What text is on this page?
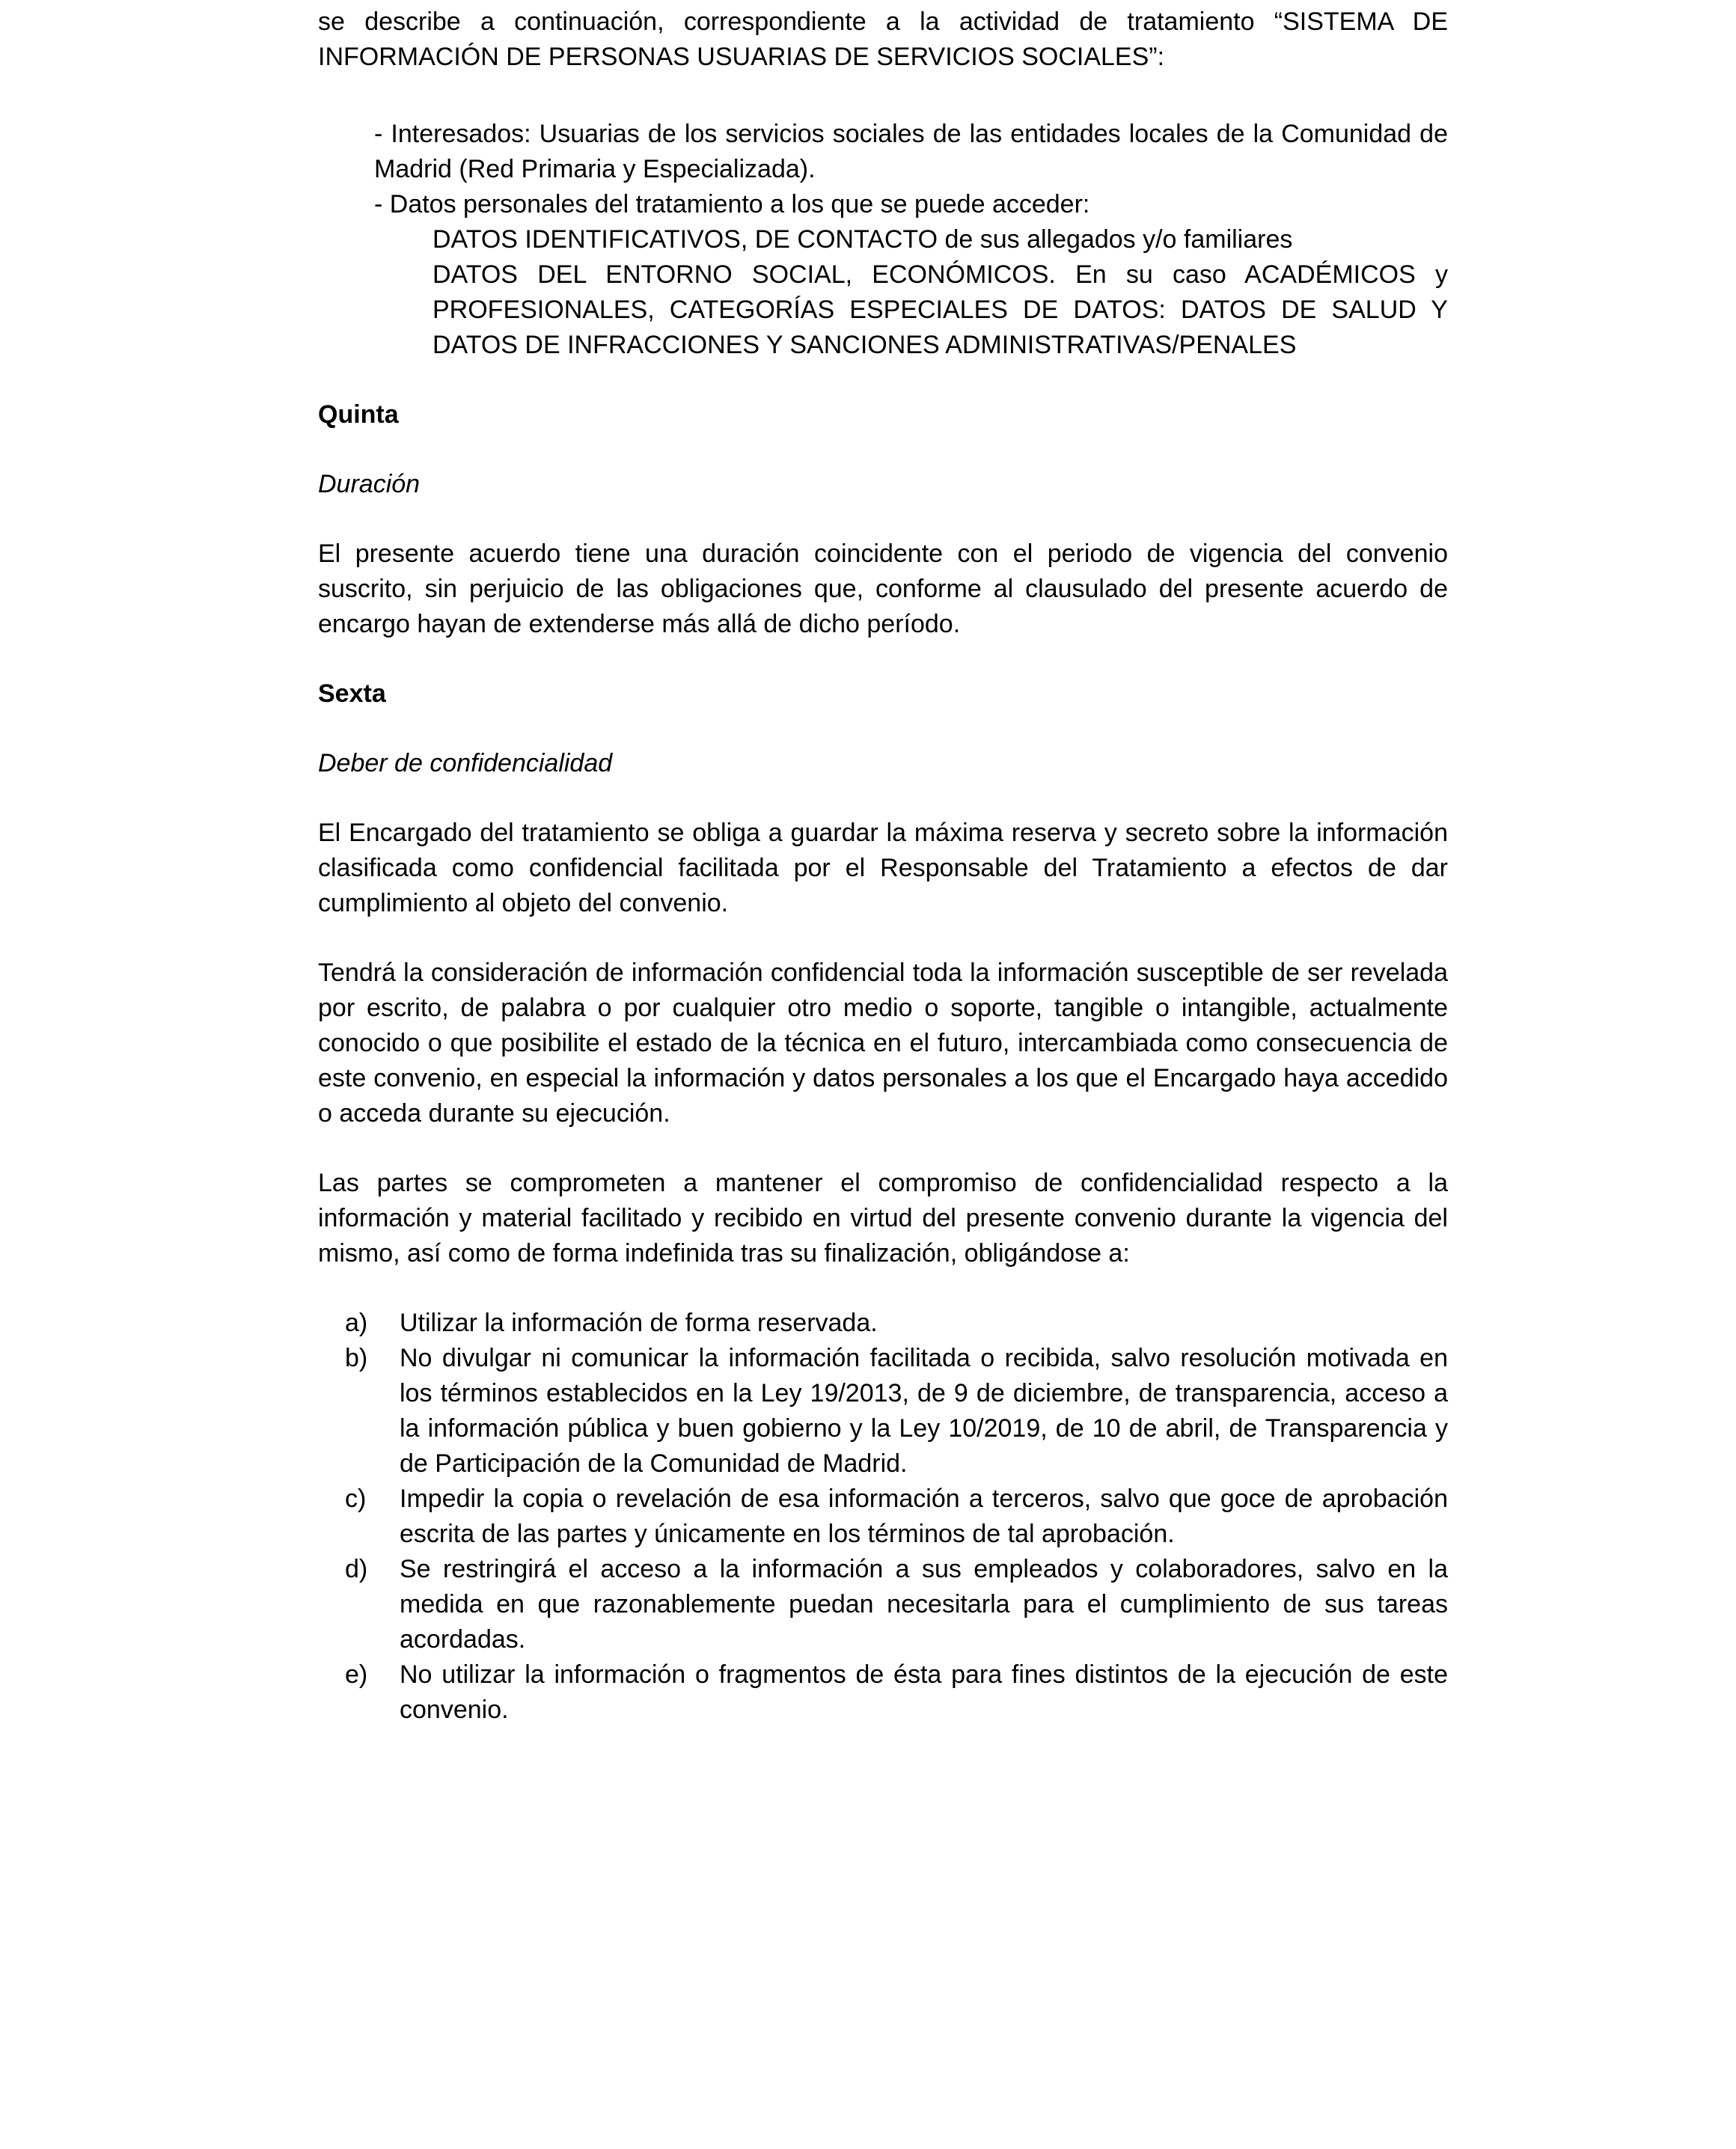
se describe a continuación, correspondiente a la actividad de tratamiento “SISTEMA DE INFORMACIÓN DE PERSONAS USUARIAS DE SERVICIOS SOCIALES”:

- Interesados: Usuarias de los servicios sociales de las entidades locales de la Comunidad de Madrid (Red Primaria y Especializada).

- Datos personales del tratamiento a los que se puede acceder:

DATOS IDENTIFICATIVOS, DE CONTACTO de sus allegados y/o familiares

DATOS DEL ENTORNO SOCIAL, ECONÓMICOS. En su caso ACADÉMICOS y PROFESIONALES, CATEGORÍAS ESPECIALES DE DATOS: DATOS DE SALUD Y DATOS DE INFRACCIONES Y SANCIONES ADMINISTRATIVAS/PENALES

Quinta

Duración

El presente acuerdo tiene una duración coincidente con el periodo de vigencia del convenio suscrito, sin perjuicio de las obligaciones que, conforme al clausulado del presente acuerdo de encargo hayan de extenderse más allá de dicho período.

Sexta

Deber de confidencialidad

El Encargado del tratamiento se obliga a guardar la máxima reserva y secreto sobre la información clasificada como confidencial facilitada por el Responsable del Tratamiento a efectos de dar cumplimiento al objeto del convenio.

Tendrá la consideración de información confidencial toda la información susceptible de ser revelada por escrito, de palabra o por cualquier otro medio o soporte, tangible o intangible, actualmente conocido o que posibilite el estado de la técnica en el futuro, intercambiada como consecuencia de este convenio, en especial la información y datos personales a los que el Encargado haya accedido o acceda durante su ejecución.

Las partes se comprometen a mantener el compromiso de confidencialidad respecto a la información y material facilitado y recibido en virtud del presente convenio durante la vigencia del mismo, así como de forma indefinida tras su finalización, obligándose a:

a)	Utilizar la información de forma reservada.
b)	No divulgar ni comunicar la información facilitada o recibida, salvo resolución motivada en los términos establecidos en la Ley 19/2013, de 9 de diciembre, de transparencia, acceso a la información pública y buen gobierno y la Ley 10/2019, de 10 de abril, de Transparencia y de Participación de la Comunidad de Madrid.
c)	Impedir la copia o revelación de esa información a terceros, salvo que goce de aprobación escrita de las partes y únicamente en los términos de tal aprobación.
d)	Se restringirá el acceso a la información a sus empleados y colaboradores, salvo en la medida en que razonablemente puedan necesitarla para el cumplimiento de sus tareas acordadas.
e)	No utilizar la información o fragmentos de ésta para fines distintos de la ejecución de este convenio.
